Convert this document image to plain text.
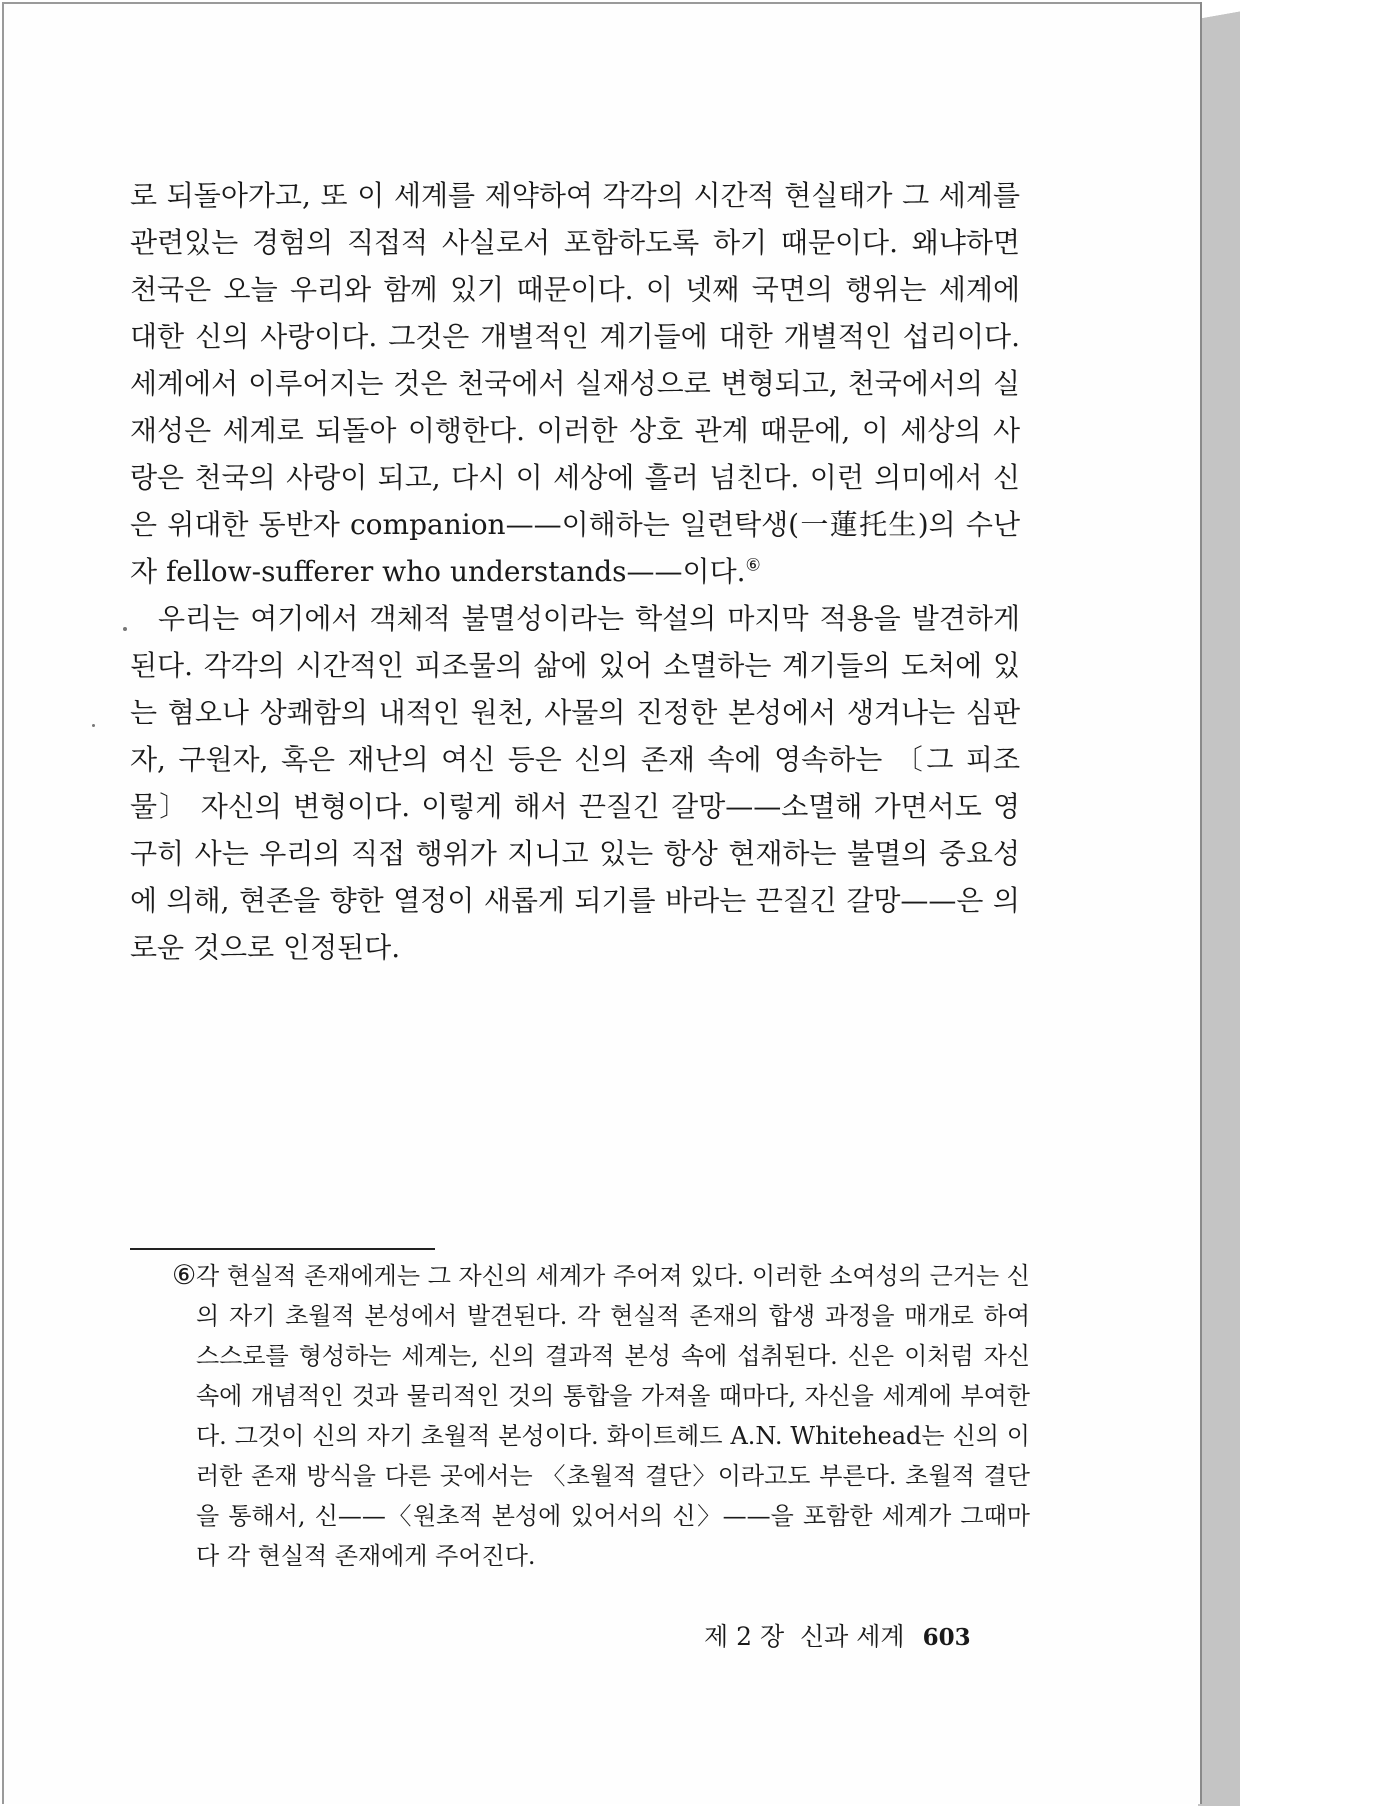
로 되돌아가고, 또 이 세계를 제약하여 각각의 시간적 현실태가 그 세계를 관련있는 경험의 직접적 사실로서 포함하도록 하기 때문이다. 왜냐하면 천국은 오늘 우리와 함께 있기 때문이다. 이 넷째 국면의 행위는 세계에 대한 신의 사랑이다. 그것은 개별적인 계기들에 대한 개별적인 섭리이다. 세계에서 이루어지는 것은 천국에서 실재성으로 변형되고, 천국에서의 실재성은 세계로 되돌아 이행한다. 이러한 상호 관계 때문에, 이 세상의 사랑은 천국의 사랑이 되고, 다시 이 세상에 흘러 넘친다. 이런 의미에서 신은 위대한 동반자 companion——이해하는 일련탁생(一蓮托生)의 수난자 fellow-sufferer who understands——이다.⑥

우리는 여기에서 객체적 불멸성이라는 학설의 마지막 적용을 발견하게 된다. 각각의 시간적인 피조물의 삶에 있어 소멸하는 계기들의 도처에 있는 혐오나 상쾌함의 내적인 원천, 사물의 진정한 본성에서 생겨나는 심판자, 구원자, 혹은 재난의 여신 등은 신의 존재 속에 영속하는 〔그 피조물〕 자신의 변형이다. 이렇게 해서 끈질긴 갈망——소멸해 가면서도 영구히 사는 우리의 직접 행위가 지니고 있는 항상 현재하는 불멸의 중요성에 의해, 현존을 향한 열정이 새롭게 되기를 바라는 끈질긴 갈망——은 의로운 것으로 인정된다.

⑥ 각 현실적 존재에게는 그 자신의 세계가 주어져 있다. 이러한 소여성의 근거는 신의 자기 초월적 본성에서 발견된다. 각 현실적 존재의 합생 과정을 매개로 하여 스스로를 형성하는 세계는, 신의 결과적 본성 속에 섭취된다. 신은 이처럼 자신 속에 개념적인 것과 물리적인 것의 통합을 가져올 때마다, 자신을 세계에 부여한다. 그것이 신의 자기 초월적 본성이다. 화이트헤드 A.N. Whitehead는 신의 이러한 존재 방식을 다른 곳에서는 〈초월적 결단〉이라고도 부른다. 초월적 결단을 통해서, 신——〈원초적 본성에 있어서의 신〉——을 포함한 세계가 그때마다 각 현실적 존재에게 주어진다.
제 2 장 신과 세계 603
